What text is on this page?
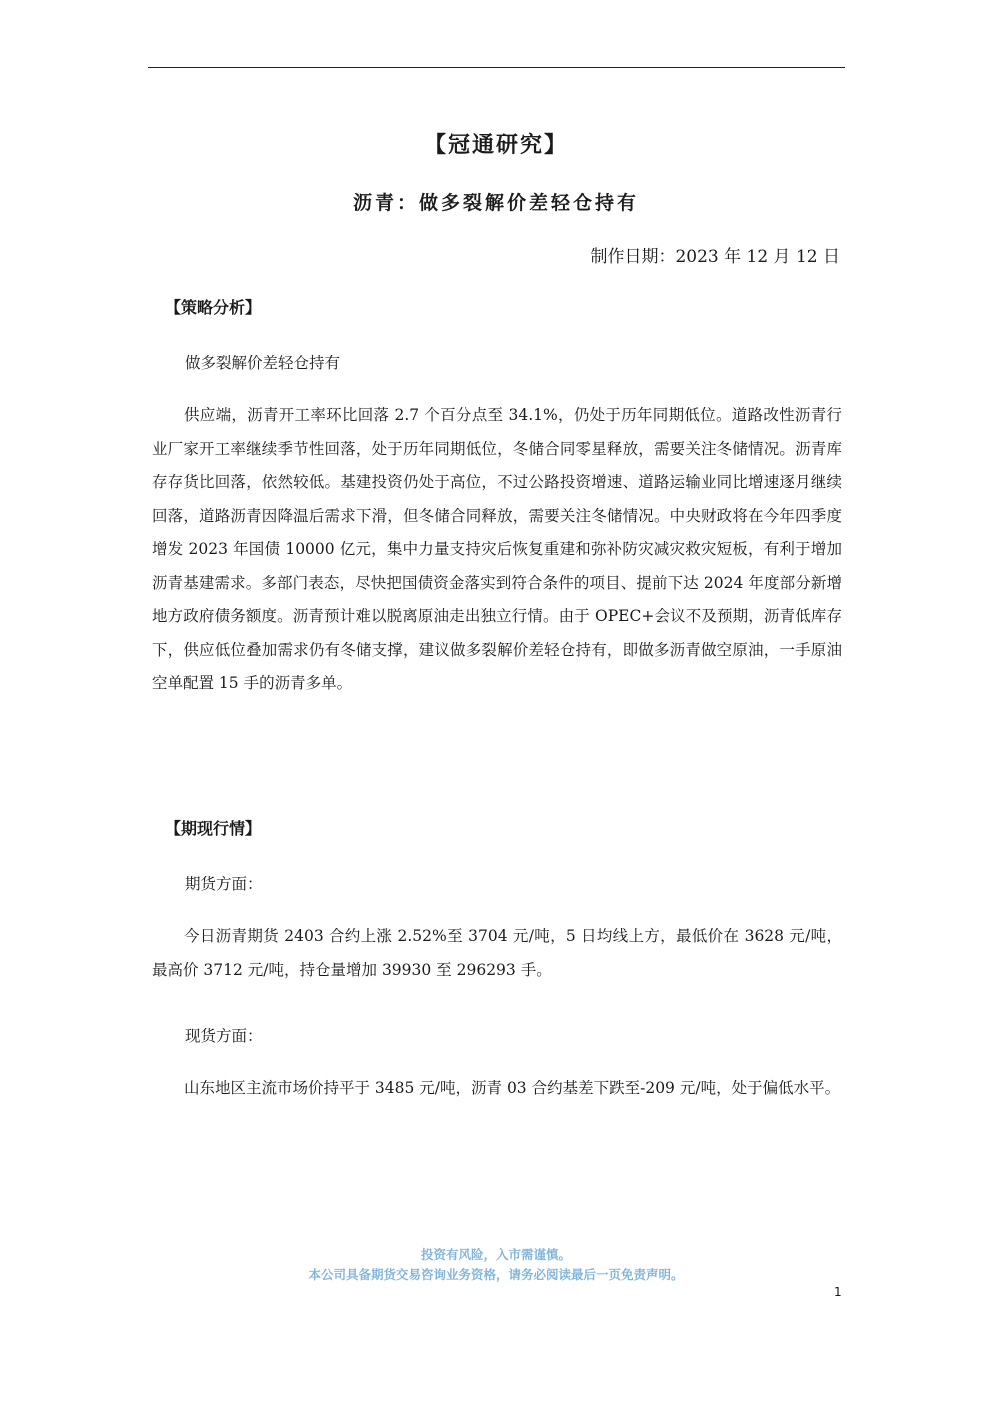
【冠通研究】
沥青：做多裂解价差轻仓持有
制作日期：2023 年 12 月 12 日
【策略分析】
做多裂解价差轻仓持有

供应端，沥青开工率环比回落 2.7 个百分点至 34.1%，仍处于历年同期低位。道路改性沥青行业厂家开工率继续季节性回落，处于历年同期低位，冬储合同零星释放，需要关注冬储情况。沥青库存存货比回落，依然较低。基建投资仍处于高位，不过公路投资增速、道路运输业同比增速逐月继续回落，道路沥青因降温后需求下滑，但冬储合同释放，需要关注冬储情况。中央财政将在今年四季度增发 2023 年国债 10000 亿元，集中力量支持灾后恢复重建和弥补防灾减灾救灾短板，有利于增加沥青基建需求。多部门表态，尽快把国债资金落实到符合条件的项目、提前下达 2024 年度部分新增地方政府债务额度。沥青预计难以脱离原油走出独立行情。由于 OPEC+会议不及预期，沥青低库存下，供应低位叠加需求仍有冬储支撑，建议做多裂解价差轻仓持有，即做多沥青做空原油，一手原油空单配置 15 手的沥青多单。

【期现行情】
期货方面：

今日沥青期货 2403 合约上涨 2.52%至 3704 元/吨，5 日均线上方，最低价在 3628 元/吨，最高价 3712 元/吨，持仓量增加 39930 至 296293 手。

现货方面：

山东地区主流市场价持平于 3485 元/吨，沥青 03 合约基差下跌至-209 元/吨，处于偏低水平。

投资有风险，入市需谨慎。
本公司具备期货交易咨询业务资格，请务必阅读最后一页免责声明。
1
